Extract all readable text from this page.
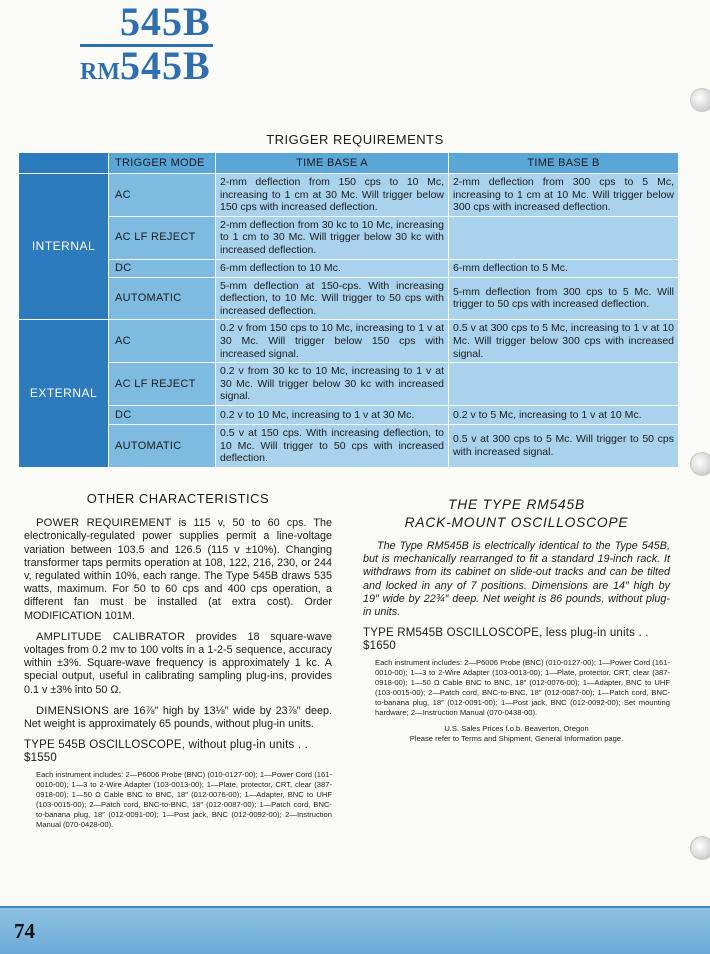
545B
RM545B
TRIGGER REQUIREMENTS
	TRIGGER MODE	TIME BASE A	TIME BASE B
INTERNAL	AC	2-mm deflection from 150 cps to 10 Mc, increasing to 1 cm at 30 Mc. Will trigger below 150 cps with increased deflection.	2-mm deflection from 300 cps to 5 Mc, increasing to 1 cm at 10 Mc. Will trigger below 300 cps with increased deflection.
	AC LF REJECT	2-mm deflection from 30 kc to 10 Mc, increasing to 1 cm to 30 Mc. Will trigger below 30 kc with increased deflection.	
	DC	6-mm deflection to 10 Mc.	6-mm deflection to 5 Mc.
	AUTOMATIC	5-mm deflection at 150-cps. With increasing deflection, to 10 Mc. Will trigger to 50 cps with increased deflection.	5-mm deflection from 300 cps to 5 Mc. Will trigger to 50 cps with increased deflection.
EXTERNAL	AC	0.2 v from 150 cps to 10 Mc, increasing to 1 v at 30 Mc. Will trigger below 150 cps with increased signal.	0.5 v at 300 cps to 5 Mc, increasing to 1 v at 10 Mc. Will trigger below 300 cps with increased signal.
	AC LF REJECT	0.2 v from 30 kc to 10 Mc, increasing to 1 v at 30 Mc. Will trigger below 30 kc with increased signal.	
	DC	0.2 v to 10 Mc, increasing to 1 v at 30 Mc.	0.2 v to 5 Mc, increasing to 1 v at 10 Mc.
	AUTOMATIC	0.5 v at 150 cps. With increasing deflection, to 10 Mc. Will trigger to 50 cps with increased deflection.	0.5 v at 300 cps to 5 Mc. Will trigger to 50 cps with increased signal.
OTHER CHARACTERISTICS

POWER REQUIREMENT is 115 v, 50 to 60 cps. The electronically-regulated power supplies permit a line-voltage variation between 103.5 and 126.5 (115 v ±10%). Changing transformer taps permits operation at 108, 122, 216, 230, or 244 v, regulated within 10%, each range. The Type 545B draws 535 watts, maximum. For 50 to 60 cps and 400 cps operation, a different fan must be installed (at extra cost). Order MODIFICATION 101M.

AMPLITUDE CALIBRATOR provides 18 square-wave voltages from 0.2 mv to 100 volts in a 1-2-5 sequence, accuracy within ±3%. Square-wave frequency is approximately 1 kc. A special output, useful in calibrating sampling plug-ins, provides 0.1 v ±3% into 50 Ω.

DIMENSIONS are 16⅞″ high by 13⅛″ wide by 23⅞″ deep. Net weight is approximately 65 pounds, without plug-in units.

TYPE 545B OSCILLOSCOPE, without plug-in units . . $1550

Each instrument includes: 2—P6006 Probe (BNC) (010-0127-00); 1—Power Cord (161-0010-00); 1—3 to 2-Wire Adapter (103-0013-00); 1—Plate, protector, CRT, clear (387-0918-00); 1—50 Ω Cable BNC to BNC, 18″ (012-0076-00); 1—Adapter, BNC to UHF (103-0015-00); 2—Patch cord, BNC-to-BNC, 18″ (012-0087-00); 1—Patch cord, BNC-to-banana plug, 18″ (012-0091-00); 1—Post jack, BNC (012-0092-00); 2—Instruction Manual (070-0428-00).

THE TYPE RM545B
RACK-MOUNT OSCILLOSCOPE

The Type RM545B is electrically identical to the Type 545B, but is mechanically rearranged to fit a standard 19-inch rack. It withdraws from its cabinet on slide-out tracks and can be tilted and locked in any of 7 positions. Dimensions are 14″ high by 19″ wide by 22¾″ deep. Net weight is 86 pounds, without plug-in units.

TYPE RM545B OSCILLOSCOPE, less plug-in units . . $1650

Each instrument includes: 2—P6006 Probe (BNC) (010-0127-00); 1—Power Cord (161-0010-00); 1—3 to 2-Wire Adapter (103-0013-00); 1—Plate, protector, CRT, clear (387-0918-00); 1—50 Ω Cable BNC to BNC, 18″ (012-0076-00); 1—Adapter, BNC to UHF (103-0015-00); 2—Patch cord, BNC-to-BNC, 18″ (012-0087-00); 1—Patch cord, BNC-to-banana plug, 18″ (012-0091-00); 1—Post jack, BNC (012-0092-00); Set mounting hardware; 2—Instruction Manual (070-0438-00).

U.S. Sales Prices f.o.b. Beaverton, Oregon
Please refer to Terms and Shipment, General Information page.
74
